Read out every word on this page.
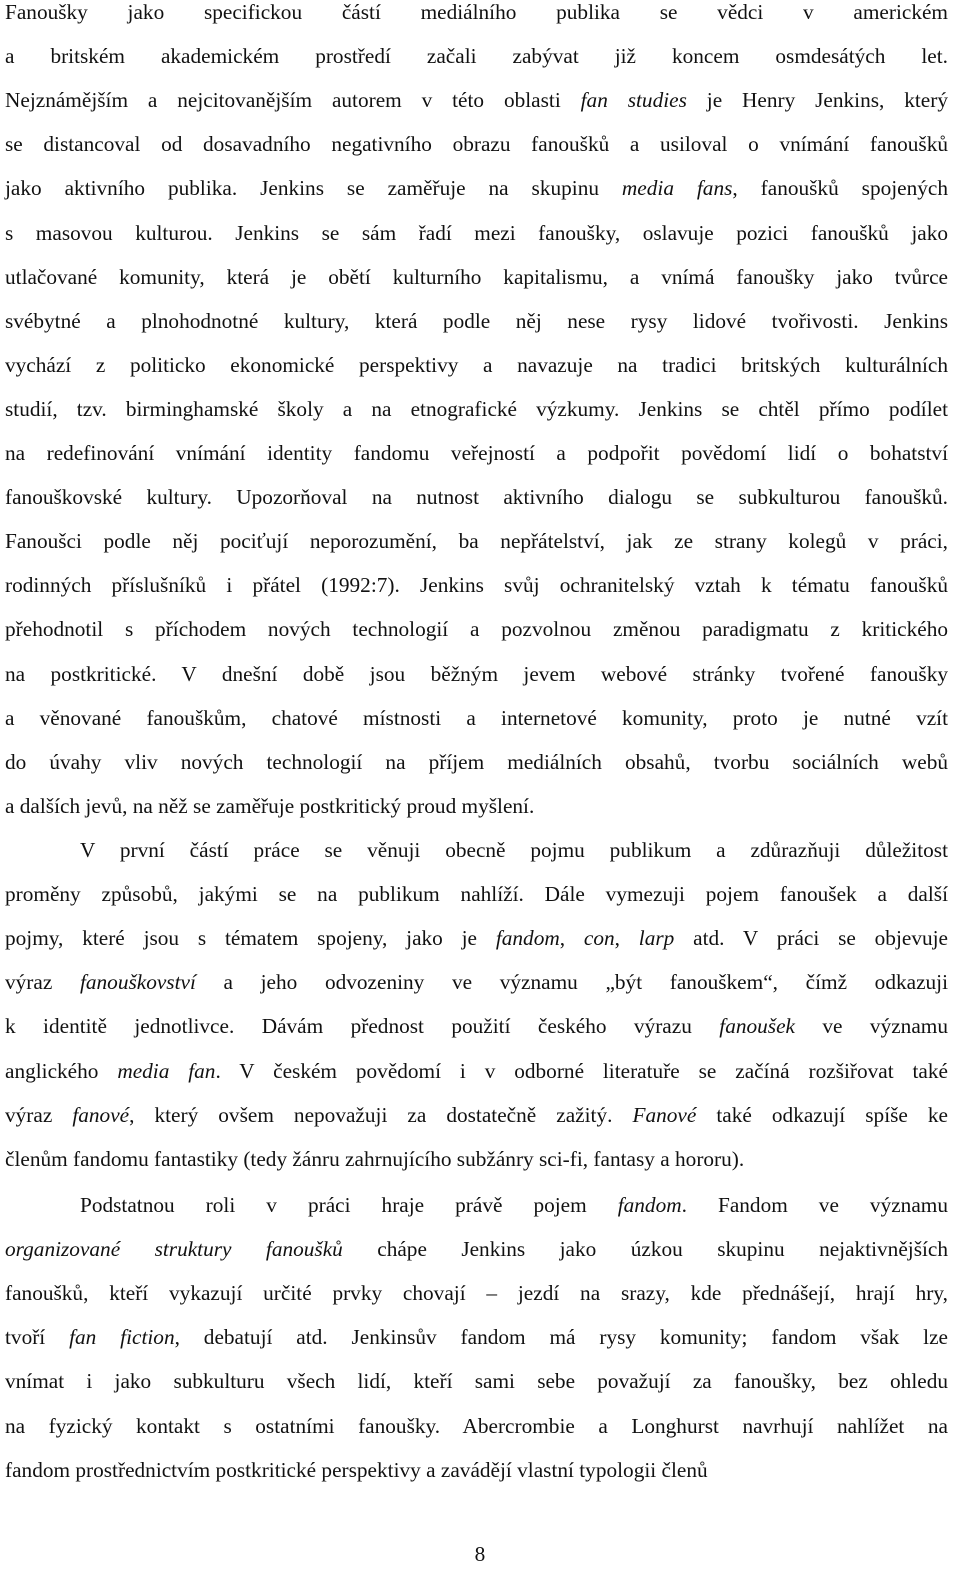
Fanoušky jako specifickou částí mediálního publika se vědci v americkém
a britském akademickém prostředí začali zabývat již koncem osmdesátých let.
Nejznámějším a nejcitovanějším autorem v této oblasti fan studies je Henry Jenkins, který
se distancoval od dosavadního negativního obrazu fanoušků a usiloval o vnímání fanoušků
jako aktivního publika. Jenkins se zaměřuje na skupinu media fans, fanoušků spojených
s masovou kulturou. Jenkins se sám řadí mezi fanoušky, oslavuje pozici fanoušků jako
utlačované komunity, která je obětí kulturního kapitalismu, a vnímá fanoušky jako tvůrce
svébytné a plnohodnotné kultury, která podle něj nese rysy lidové tvořivosti. Jenkins
vychází z politicko ekonomické perspektivy a navazuje na tradici britských kulturálních
studií, tzv. birminghamské školy a na etnografické výzkumy. Jenkins se chtěl přímo podílet
na redefinování vnímání identity fandomu veřejností a podpořit povědomí lidí o bohatství
fanouškovské kultury. Upozorňoval na nutnost aktivního dialogu se subkulturou fanoušků.
Fanoušci podle něj pociťují neporozumění, ba nepřátelství, jak ze strany kolegů v práci,
rodinných příslušníků i přátel (1992:7). Jenkins svůj ochranitelský vztah k tématu fanoušků
přehodnotil s příchodem nových technologií a pozvolnou změnou paradigmatu z kritického
na postkritické. V dnešní době jsou běžným jevem webové stránky tvořené fanoušky
a věnované fanouškům, chatové místnosti a internetové komunity, proto je nutné vzít
do úvahy vliv nových technologií na příjem mediálních obsahů, tvorbu sociálních webů
a dalších jevů, na něž se zaměřuje postkritický proud myšlení.
V první částí práce se věnuji obecně pojmu publikum a zdůrazňuji důležitost
proměny způsobů, jakými se na publikum nahlíží. Dále vymezuji pojem fanoušek a další
pojmy, které jsou s tématem spojeny, jako je fandom, con, larp atd. V práci se objevuje
výraz fanouškovství a jeho odvozeniny ve významu „být fanouškem“, čímž odkazuji
k identitě jednotlivce. Dávám přednost použití českého výrazu fanoušek ve významu
anglického media fan. V českém povědomí i v odborné literatuře se začíná rozšiřovat také
výraz fanové, který ovšem nepovažuji za dostatečně zažitý. Fanové také odkazují spíše ke
členům fandomu fantastiky (tedy žánru zahrnujícího subžánry sci-fi, fantasy a hororu).
Podstatnou roli v práci hraje právě pojem fandom. Fandom ve významu
organizované struktury fanoušků chápe Jenkins jako úzkou skupinu nejaktivnějších
fanoušků, kteří vykazují určité prvky chovají – jezdí na srazy, kde přednášejí, hrají hry,
tvoří fan fiction, debatují atd. Jenkinsův fandom má rysy komunity; fandom však lze
vnímat i jako subkulturu všech lidí, kteří sami sebe považují za fanoušky, bez ohledu
na fyzický kontakt s ostatními fanoušky. Abercrombie a Longhurst navrhují nahlížet na
fandom prostřednictvím postkritické perspektivy a zavádějí vlastní typologii členů
8
